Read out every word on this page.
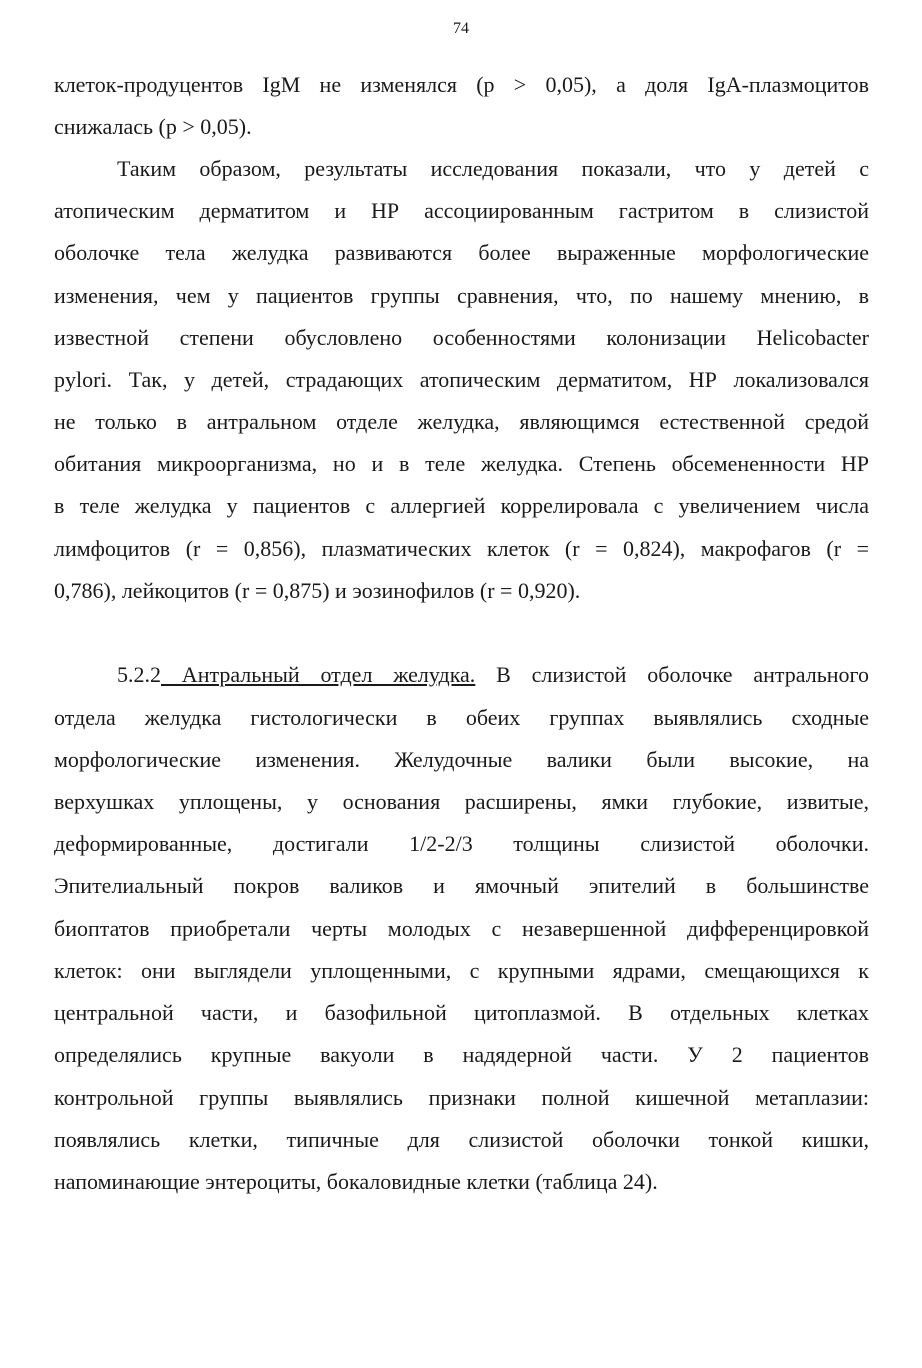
74
клеток-продуцентов IgM не изменялся (р > 0,05), а доля IgA-плазмоцитов
снижалась (р > 0,05).
Таким образом, результаты исследования показали, что у детей с
атопическим дерматитом и НР ассоциированным гастритом в слизистой
оболочке тела желудка развиваются более выраженные морфологические
изменения, чем у пациентов группы сравнения, что, по нашему мнению, в
известной степени обусловлено особенностями колонизации Helicobacter
pylori. Так, у детей, страдающих атопическим дерматитом, НР локализовался
не только в антральном отделе желудка, являющимся естественной средой
обитания микроорганизма, но и в теле желудка. Степень обсемененности НР
в теле желудка у пациентов с аллергией коррелировала с увеличением числа
лимфоцитов (r = 0,856), плазматических клеток (r = 0,824), макрофагов (r =
0,786), лейкоцитов (r = 0,875) и эозинофилов (r = 0,920).
5.2.2 Антральный отдел желудка. В слизистой оболочке антрального
отдела желудка гистологически в обеих группах выявлялись сходные
морфологические изменения. Желудочные валики были высокие, на
верхушках уплощены, у основания расширены, ямки глубокие, извитые,
деформированные, достигали 1/2-2/3 толщины слизистой оболочки.
Эпителиальный покров валиков и ямочный эпителий в большинстве
биоптатов приобретали черты молодых с незавершенной дифференцировкой
клеток: они выглядели уплощенными, с крупными ядрами, смещающихся к
центральной части, и базофильной цитоплазмой. В отдельных клетках
определялись крупные вакуоли в надядерной части. У 2 пациентов
контрольной группы выявлялись признаки полной кишечной метаплазии:
появлялись клетки, типичные для слизистой оболочки тонкой кишки,
напоминающие энтероциты, бокаловидные клетки (таблица 24).
